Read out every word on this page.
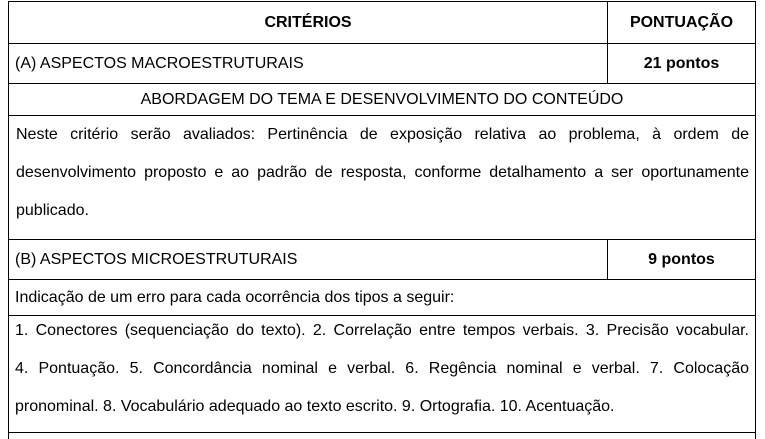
CRITÉRIOS	PONTUAÇÃO
(A) ASPECTOS MACROESTRUTURAIS	21 pontos
ABORDAGEM DO TEMA E DESENVOLVIMENTO DO CONTEÚDO
Neste critério serão avaliados: Pertinência de exposição relativa ao problema, à ordem de
desenvolvimento proposto e ao padrão de resposta, conforme detalhamento a ser oportunamente
publicado.
(B) ASPECTOS MICROESTRUTURAIS	9 pontos
Indicação de um erro para cada ocorrência dos tipos a seguir:
1. Conectores (sequenciação do texto). 2. Correlação entre tempos verbais. 3. Precisão vocabular.
4. Pontuação. 5. Concordância nominal e verbal. 6. Regência nominal e verbal. 7. Colocação
pronominal. 8. Vocabulário adequado ao texto escrito. 9. Ortografia. 10. Acentuação.
